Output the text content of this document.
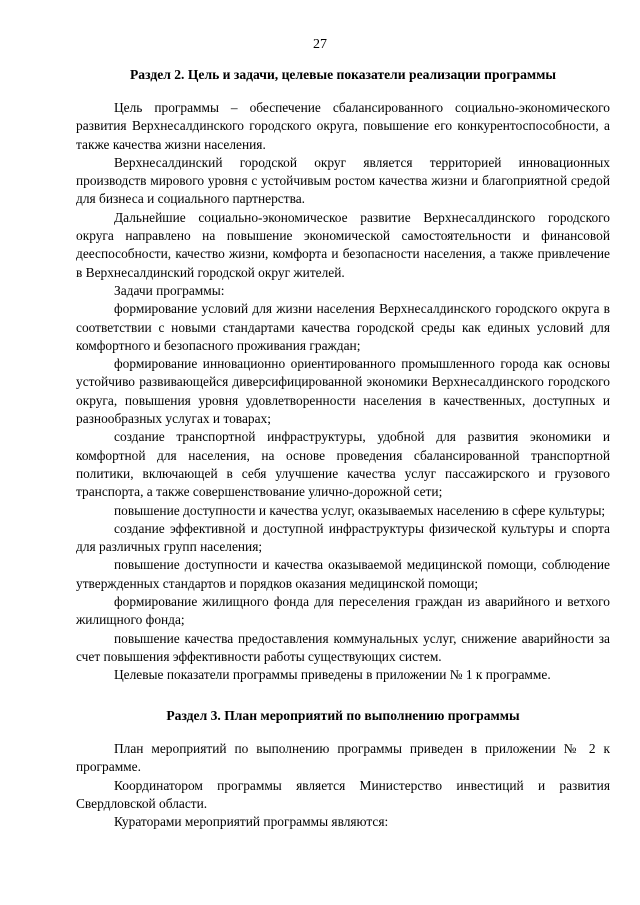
27
Раздел 2. Цель и задачи, целевые показатели реализации программы

Цель программы – обеспечение сбалансированного социально-экономического развития Верхнесалдинского городского округа, повышение его конкурентоспособности, а также качества жизни населения.

Верхнесалдинский городской округ является территорией инновационных производств мирового уровня с устойчивым ростом качества жизни и благоприятной средой для бизнеса и социального партнерства.

Дальнейшие социально-экономическое развитие Верхнесалдинского городского округа направлено на повышение экономической самостоятельности и финансовой дееспособности, качество жизни, комфорта и безопасности населения, а также привлечение в Верхнесалдинский городской округ жителей.

Задачи программы:

формирование условий для жизни населения Верхнесалдинского городского округа в соответствии с новыми стандартами качества городской среды как единых условий для комфортного и безопасного проживания граждан;

формирование инновационно ориентированного промышленного города как основы устойчиво развивающейся диверсифицированной экономики Верхнесалдинского городского округа, повышения уровня удовлетворенности населения в качественных, доступных и разнообразных услугах и товарах;

создание транспортной инфраструктуры, удобной для развития экономики и комфортной для населения, на основе проведения сбалансированной транспортной политики, включающей в себя улучшение качества услуг пассажирского и грузового транспорта, а также совершенствование улично-дорожной сети;

повышение доступности и качества услуг, оказываемых населению в сфере культуры;

создание эффективной и доступной инфраструктуры физической культуры и спорта для различных групп населения;

повышение доступности и качества оказываемой медицинской помощи, соблюдение утвержденных стандартов и порядков оказания медицинской помощи;

формирование жилищного фонда для переселения граждан из аварийного и ветхого жилищного фонда;

повышение качества предоставления коммунальных услуг, снижение аварийности за счет повышения эффективности работы существующих систем.

Целевые показатели программы приведены в приложении № 1 к программе.

Раздел 3. План мероприятий по выполнению программы

План мероприятий по выполнению программы приведен в приложении № 2 к программе.

Координатором программы является Министерство инвестиций и развития Свердловской области.

Кураторами мероприятий программы являются:
